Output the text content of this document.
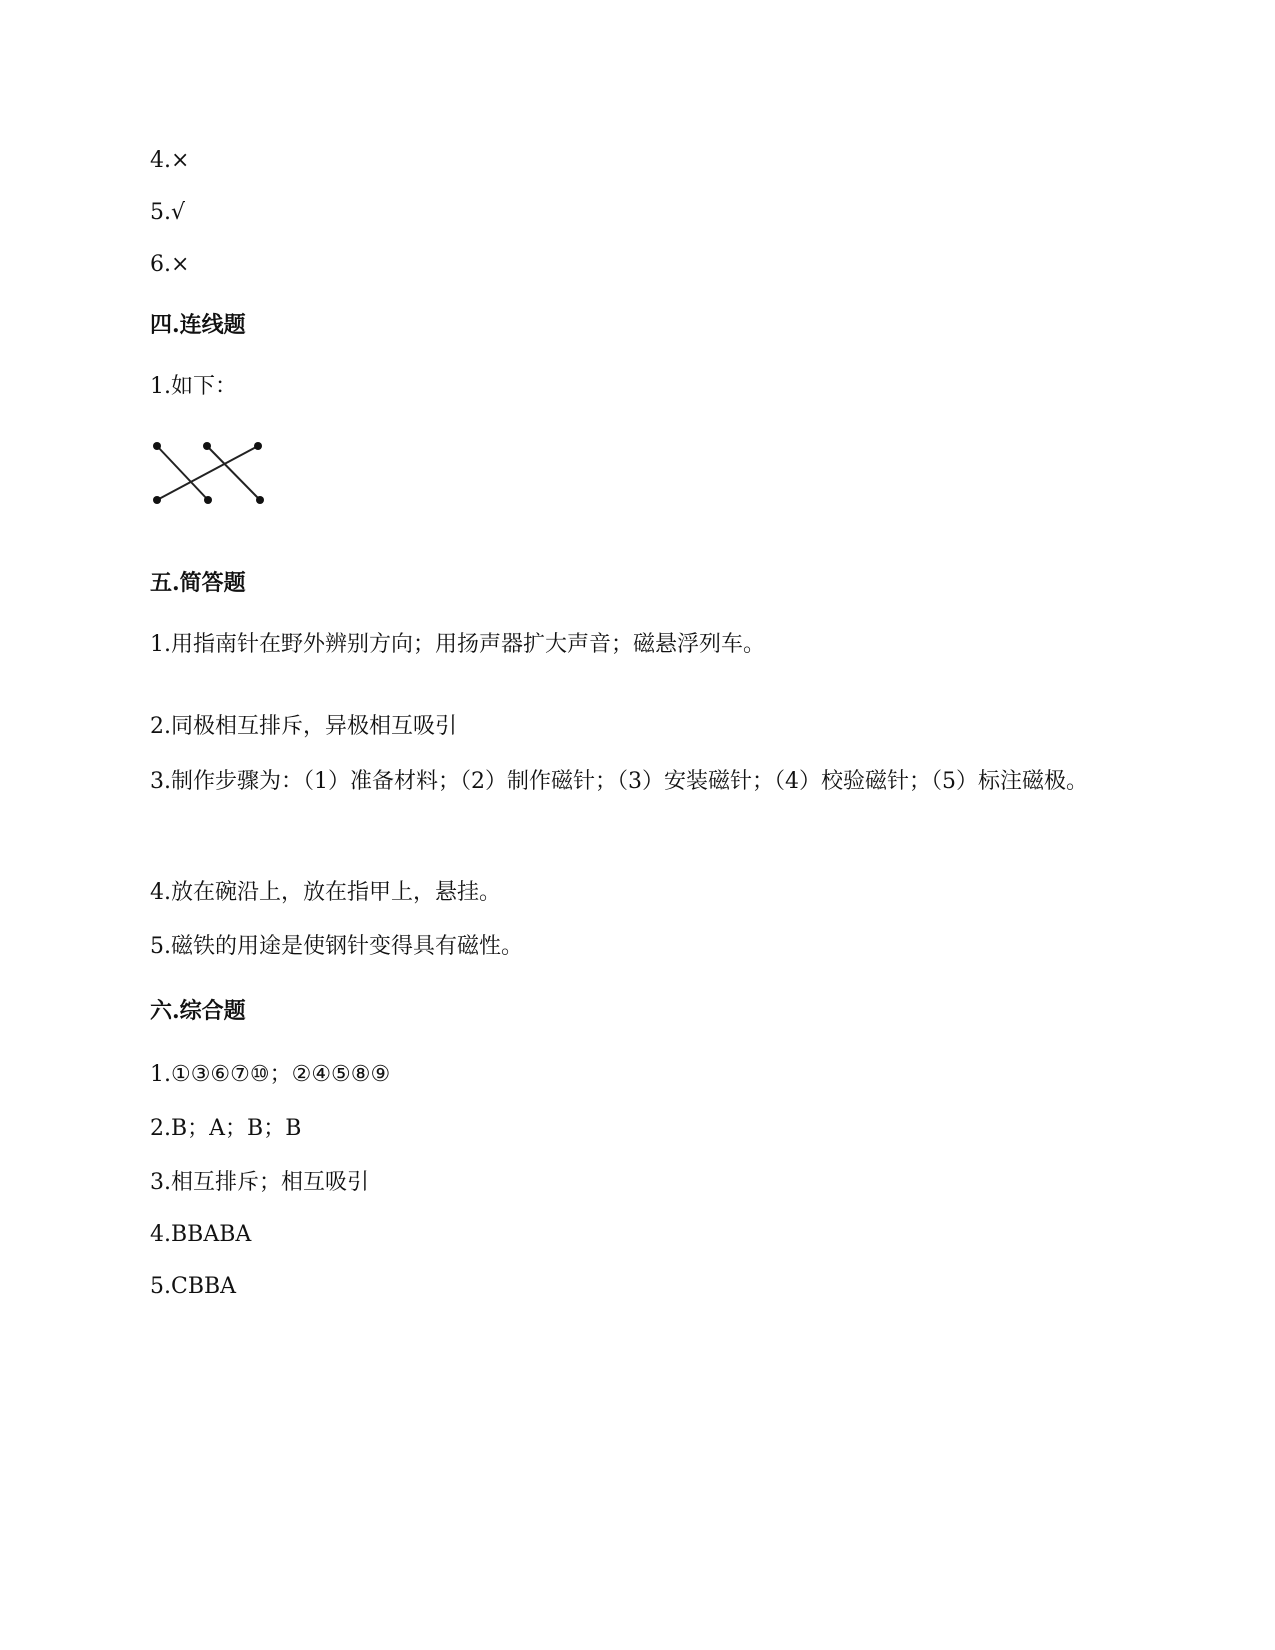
4.×
5.√
6.×
四.连线题
1.如下：
五.简答题
1.用指南针在野外辨别方向；用扬声器扩大声音；磁悬浮列车。
2.同极相互排斥，异极相互吸引
3.制作步骤为：（1）准备材料；（2）制作磁针；（3）安装磁针；（4）校验磁针；（5）标注磁极。
4.放在碗沿上，放在指甲上，悬挂。
5.磁铁的用途是使钢针变得具有磁性。
六.综合题
1.①③⑥⑦⑩；②④⑤⑧⑨
2.B；A；B；B
3.相互排斥；相互吸引
4.BBABA
5.CBBA
